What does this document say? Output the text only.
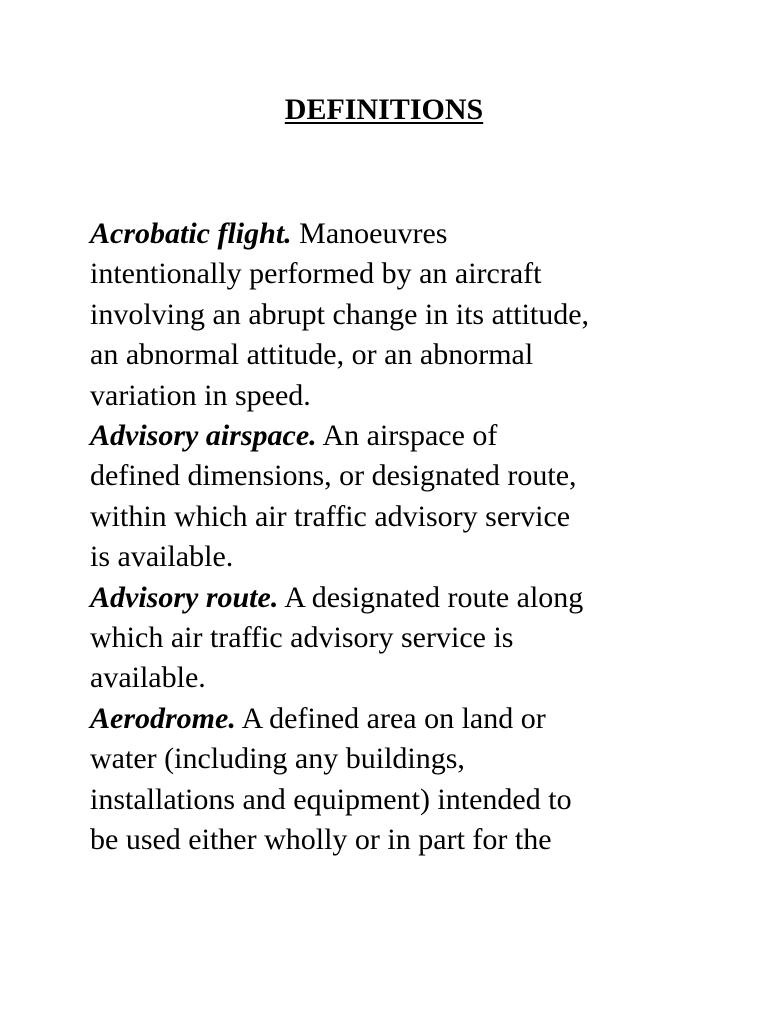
DEFINITIONS
Acrobatic flight. Manoeuvres
intentionally performed by an aircraft
involving an abrupt change in its attitude,
an abnormal attitude, or an abnormal
variation in speed.
Advisory airspace. An airspace of
defined dimensions, or designated route,
within which air traffic advisory service
is available.
Advisory route. A designated route along
which air traffic advisory service is
available.
Aerodrome. A defined area on land or
water (including any buildings,
installations and equipment) intended to
be used either wholly or in part for the
